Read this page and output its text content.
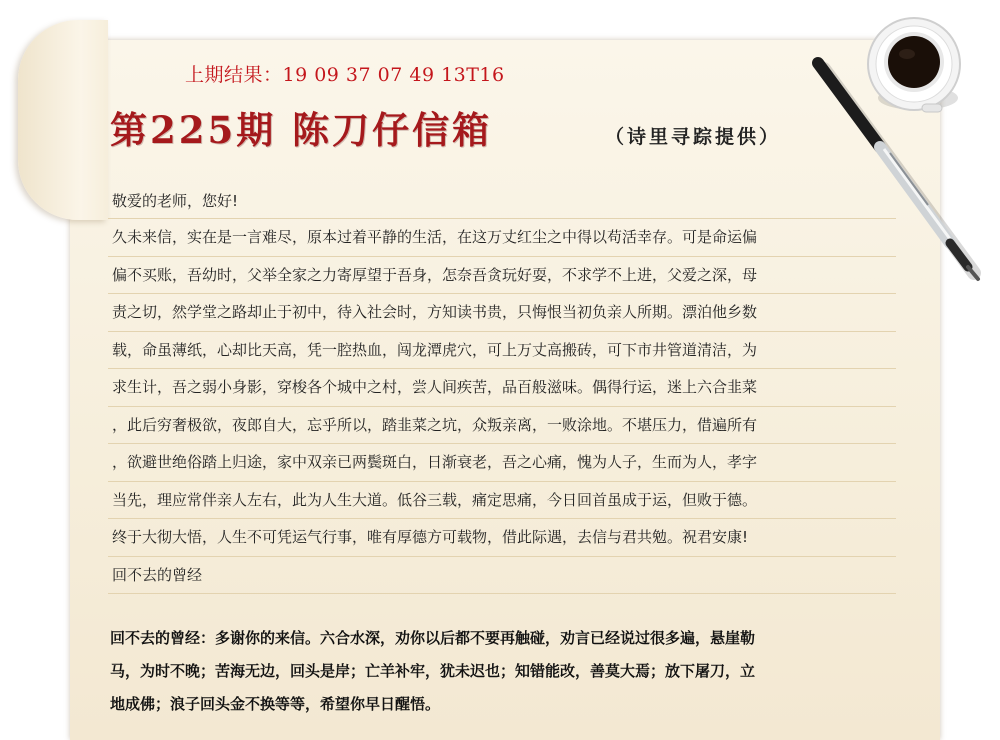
上期结果：19 09 37 07 49 13T16
第225期 陈刀仔信箱	（诗里寻踪提供）
敬爱的老师，您好!
久未来信，实在是一言难尽，原本过着平静的生活，在这万丈红尘之中得以苟活幸存。可是命运偏
偏不买账，吾幼时，父举全家之力寄厚望于吾身，怎奈吾贪玩好耍，不求学不上进，父爱之深，母
责之切，然学堂之路却止于初中，待入社会时，方知读书贵，只悔恨当初负亲人所期。漂泊他乡数
载，命虽薄纸，心却比天高，凭一腔热血，闯龙潭虎穴，可上万丈高搬砖，可下市井管道清洁，为
求生计，吾之弱小身影，穿梭各个城中之村，尝人间疾苦，品百般滋味。偶得行运，迷上六合韭菜
，此后穷奢极欲，夜郎自大，忘乎所以，踏韭菜之坑，众叛亲离，一败涂地。不堪压力，借遍所有
，欲避世绝俗踏上归途，家中双亲已两鬓斑白，日渐衰老，吾之心痛，愧为人子，生而为人，孝字
当先，理应常伴亲人左右，此为人生大道。低谷三载，痛定思痛，今日回首虽成于运，但败于德。
终于大彻大悟，人生不可凭运气行事，唯有厚德方可载物，借此际遇，去信与君共勉。祝君安康!
回不去的曾经
回不去的曾经：多谢你的来信。六合水深，劝你以后都不要再触碰，劝言已经说过很多遍，悬崖勒
马，为时不晚；苦海无边，回头是岸；亡羊补牢，犹未迟也；知错能改，善莫大焉；放下屠刀，立
地成佛；浪子回头金不换等等，希望你早日醒悟。
